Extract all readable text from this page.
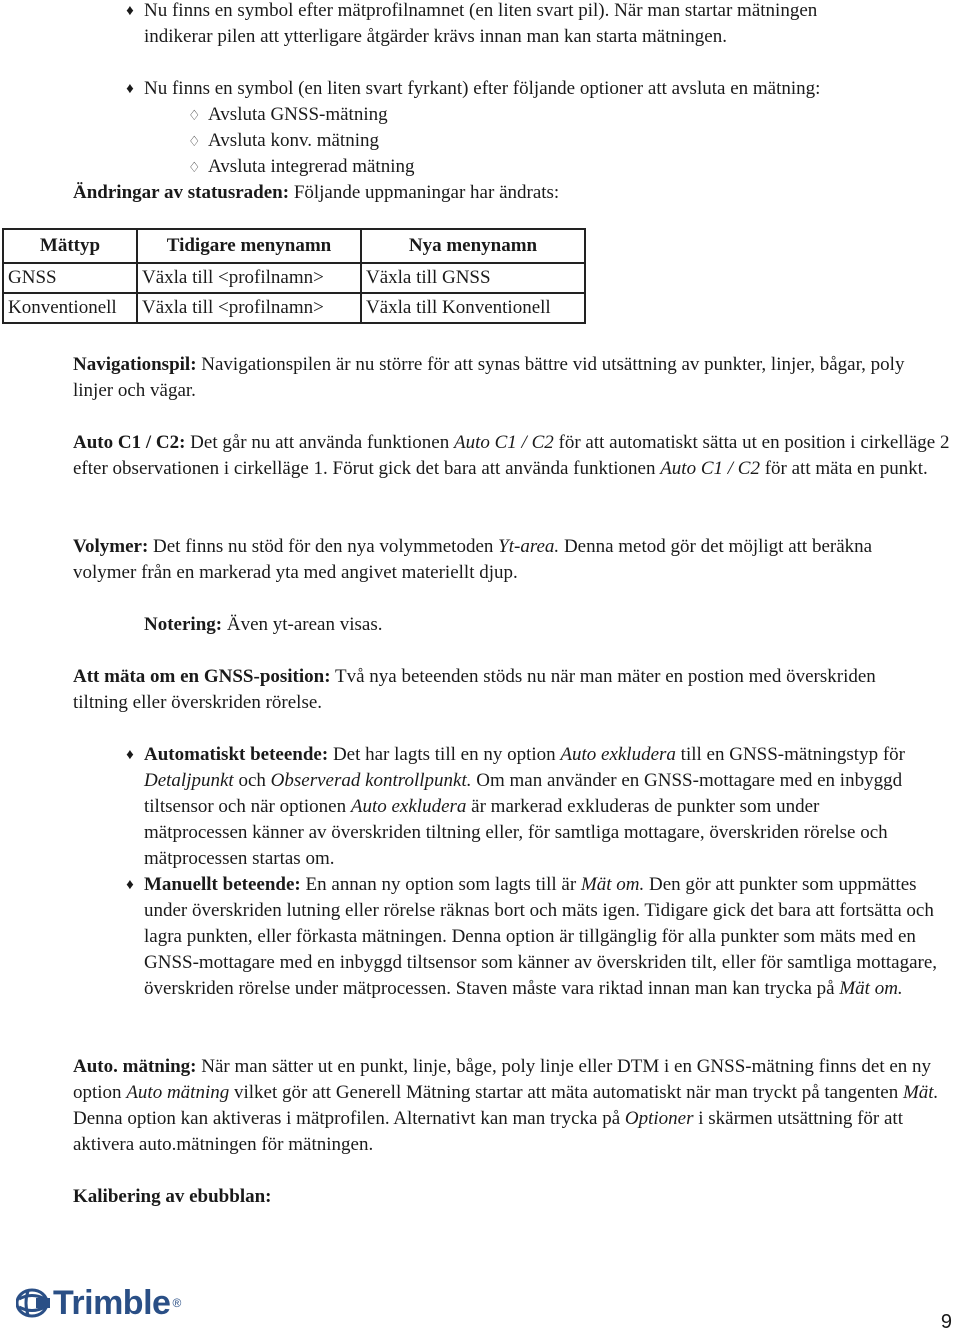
♦ Nu finns en symbol efter mätprofilnamnet (en liten svart pil). När man startar mätningen
indikerar pilen att ytterligare åtgärder krävs innan man kan starta mätningen.
♦ Nu finns en symbol (en liten svart fyrkant) efter följande optioner att avsluta en mätning:
♢ Avsluta GNSS-mätning
♢ Avsluta konv. mätning
♢ Avsluta integrerad mätning
Ändringar av statusraden: Följande uppmaningar har ändrats:
Mättyp	Tidigare menynamn	Nya menynamn
GNSS	Växla till <profilnamn>	Växla till GNSS
Konventionell	Växla till <profilnamn>	Växla till Konventionell
Navigationspil: Navigationspilen är nu större för att synas bättre vid utsättning av punkter, linjer, bågar, poly linjer och vägar.
Auto C1 / C2: Det går nu att använda funktionen Auto C1 / C2 för att automatiskt sätta ut en position i cirkelläge 2 efter observationen i cirkelläge 1. Förut gick det bara att använda funktionen Auto C1 / C2 för att mäta en punkt.
Volymer: Det finns nu stöd för den nya volymmetoden Yt-area. Denna metod gör det möjligt att beräkna volymer från en markerad yta med angivet materiellt djup.
Notering: Även yt-arean visas.
Att mäta om en GNSS-position: Två nya beteenden stöds nu när man mäter en postion med överskriden tiltning eller överskriden rörelse.
♦ Automatiskt beteende: Det har lagts till en ny option Auto exkludera till en GNSS-mätningstyp för Detaljpunkt och Observerad kontrollpunkt. Om man använder en GNSS-mottagare med en inbyggd tiltsensor och när optionen Auto exkludera är markerad exkluderas de punkter som under mätprocessen känner av överskriden tiltning eller, för samtliga mottagare, överskriden rörelse och mätprocessen startas om.
♦ Manuellt beteende: En annan ny option som lagts till är Mät om. Den gör att punkter som uppmättes under överskriden lutning eller rörelse räknas bort och mäts igen. Tidigare gick det bara att fortsätta och lagra punkten, eller förkasta mätningen. Denna option är tillgänglig för alla punkter som mäts med en GNSS-mottagare med en inbyggd tiltsensor som känner av överskriden tilt, eller för samtliga mottagare, överskriden rörelse under mätprocessen. Staven måste vara riktad innan man kan trycka på Mät om.
Auto. mätning: När man sätter ut en punkt, linje, båge, poly linje eller DTM i en GNSS-mätning finns det en ny option Auto mätning vilket gör att Generell Mätning startar att mäta automatiskt när man tryckt på tangenten Mät. Denna option kan aktiveras i mätprofilen. Alternativt kan man trycka på Optioner i skärmen utsättning för att aktivera auto.mätningen för mätningen.
Kalibering av ebubblan:
Trimble ®
9
